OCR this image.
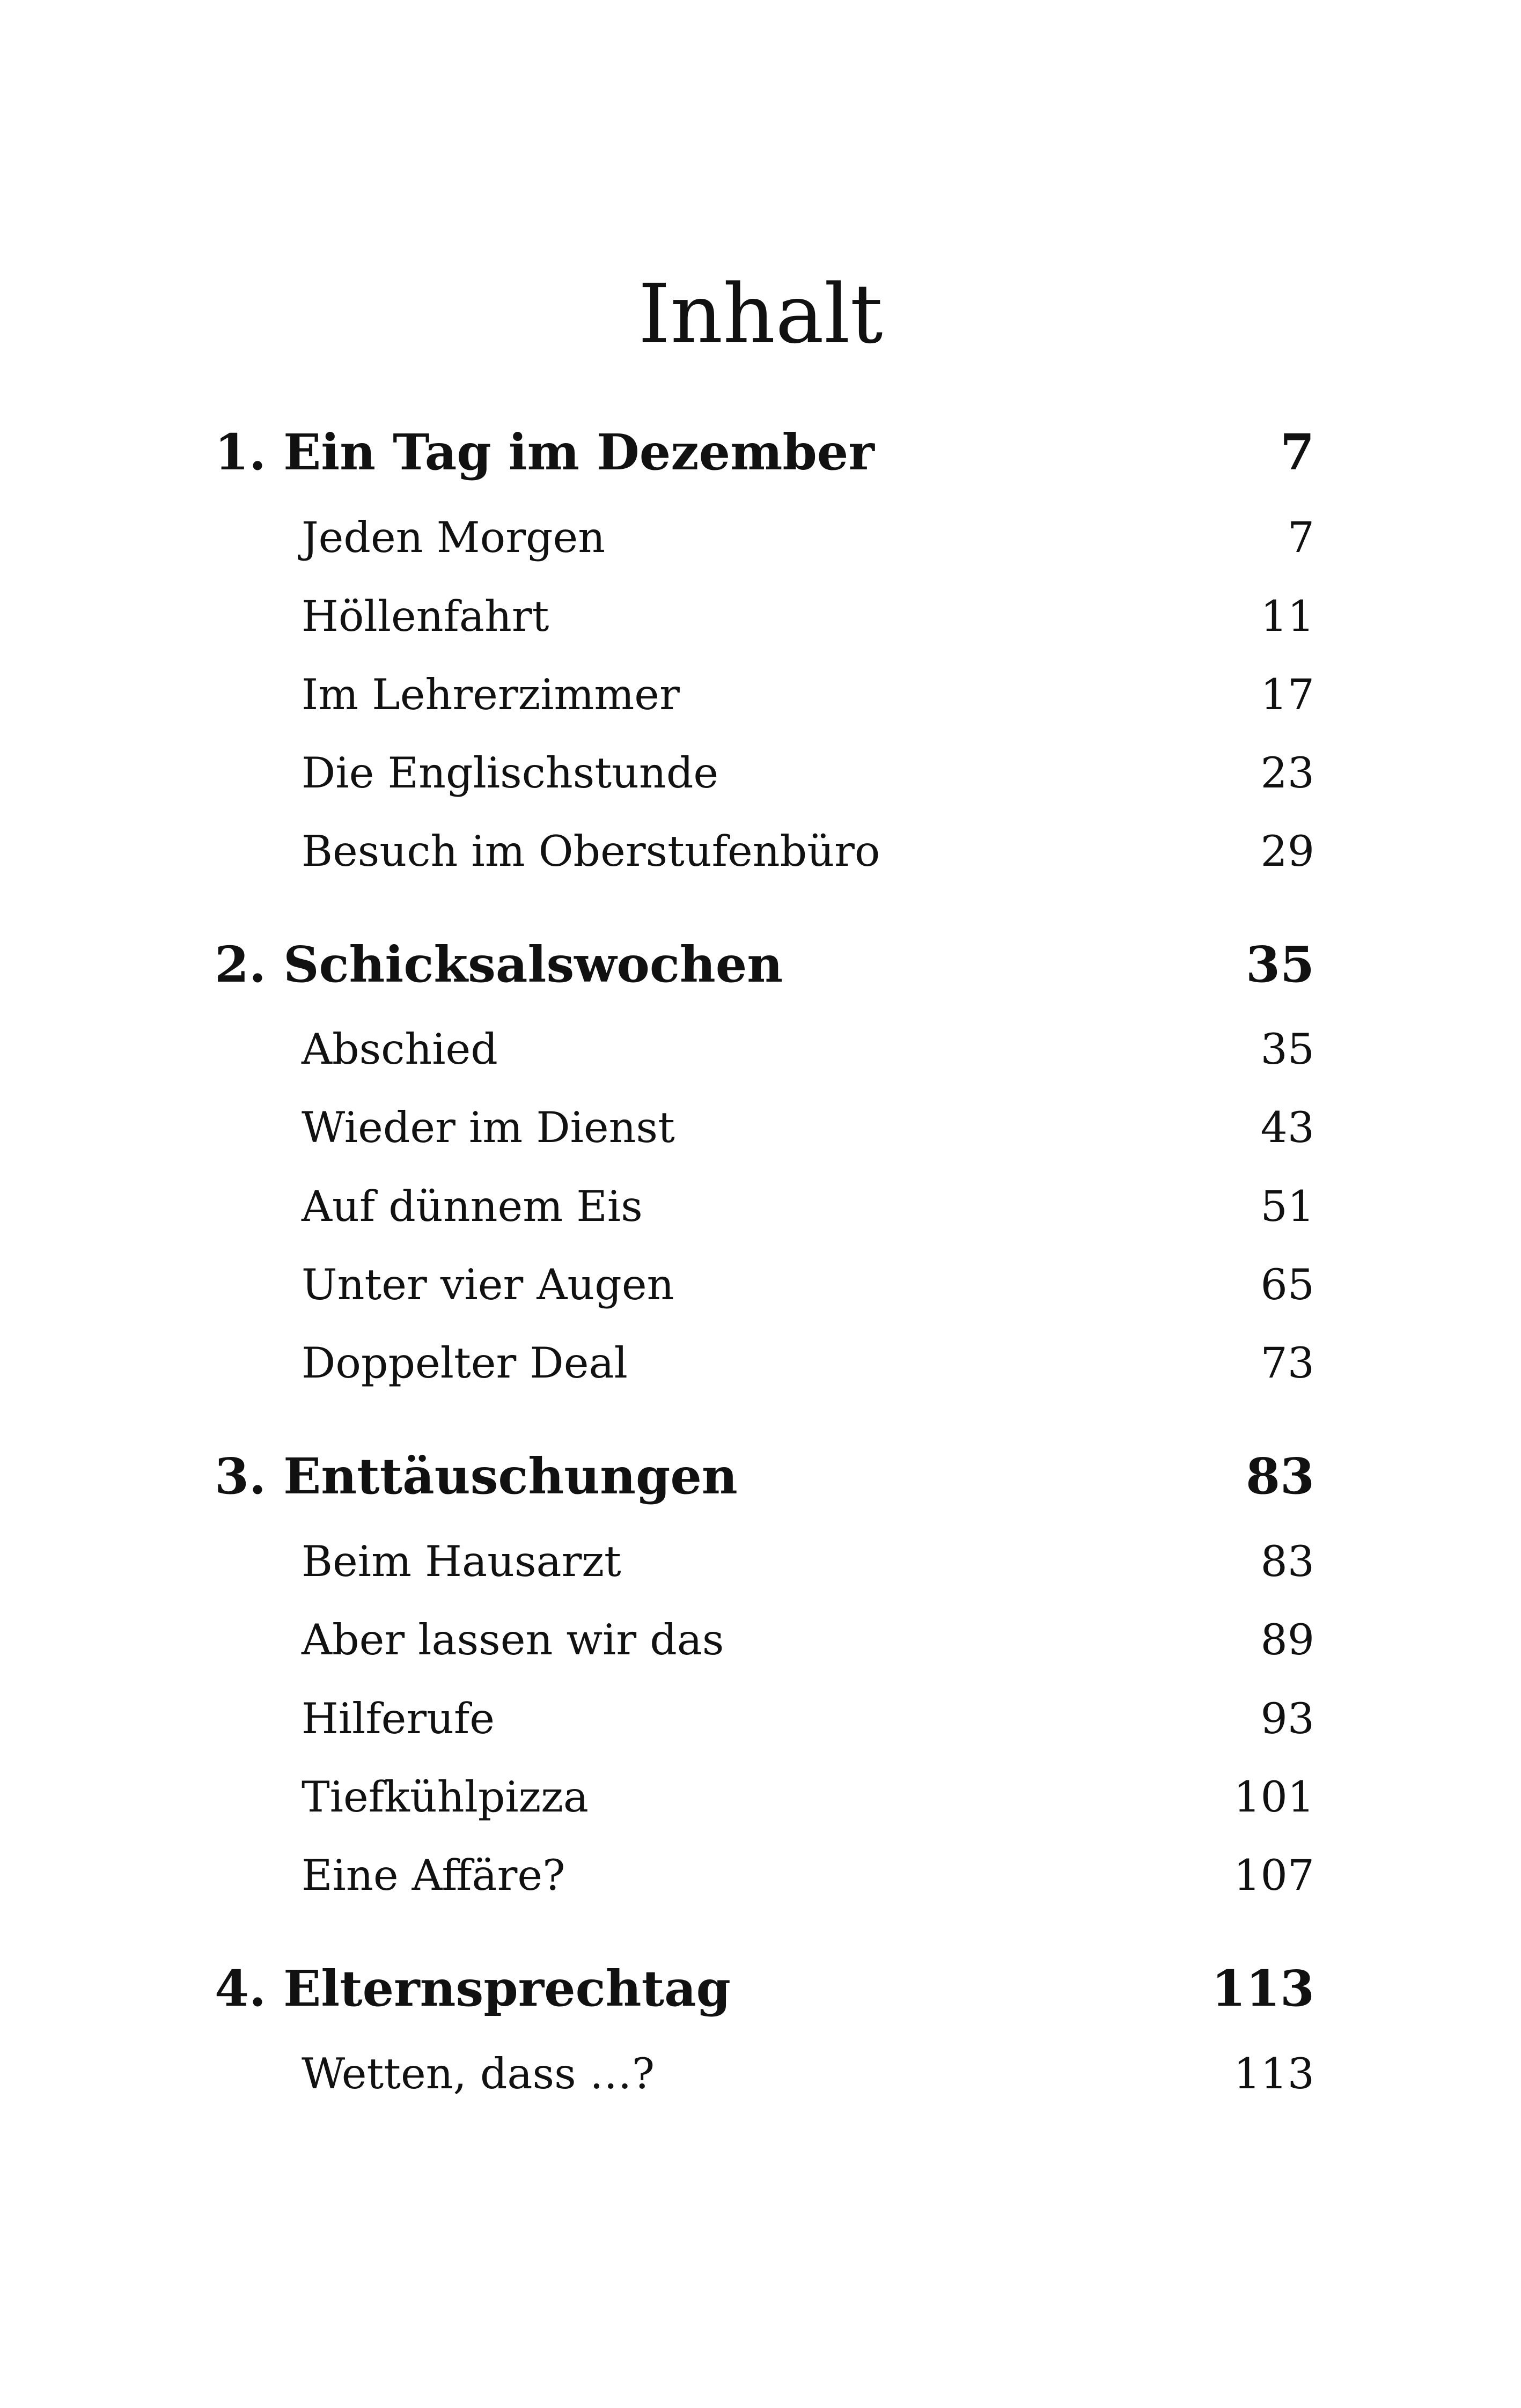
Inhalt
1. Ein Tag im Dezember	7
Jeden Morgen	7
Höllenfahrt	11
Im Lehrerzimmer	17
Die Englischstunde	23
Besuch im Oberstufenbüro	29
2. Schicksalswochen	35
Abschied	35
Wieder im Dienst	43
Auf dünnem Eis	51
Unter vier Augen	65
Doppelter Deal	73
3. Enttäuschungen	83
Beim Hausarzt	83
Aber lassen wir das	89
Hilferufe	93
Tiefkühlpizza	101
Eine Affäre?	107
4. Elternsprechtag	113
Wetten, dass …?	113
